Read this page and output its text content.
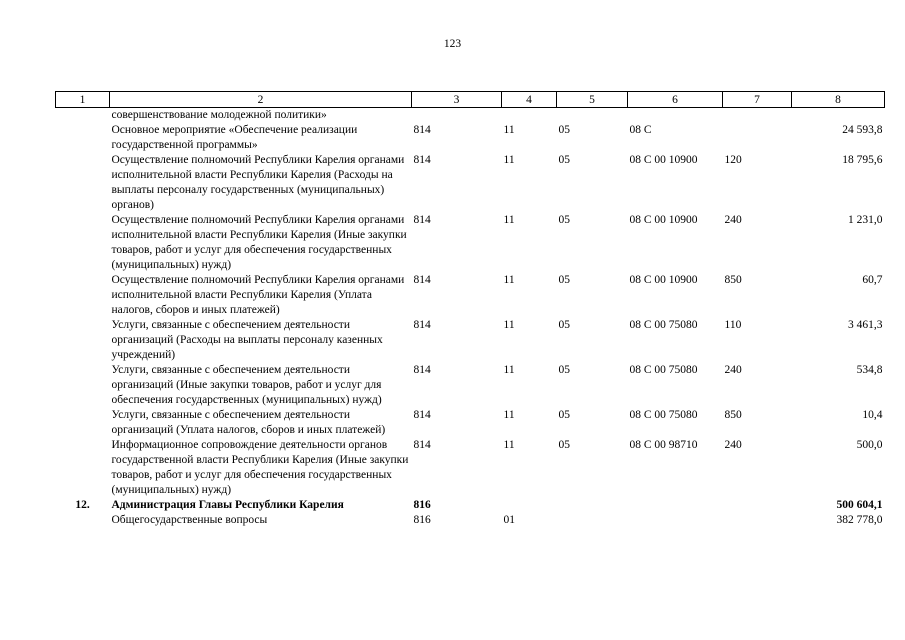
123
1	2	3	4	5	6	7	8
	совершенствование молодежной политики»						
	Основное мероприятие «Обеспечение реализации государственной программы»	814	11	05	08 С		24 593,8
	Осуществление полномочий Республики Карелия органами исполнительной власти Республики Карелия (Расходы на выплаты персоналу государственных (муниципальных) органов)	814	11	05	08 С 00 10900	120	18 795,6
	Осуществление полномочий Республики Карелия органами исполнительной власти Республики Карелия (Иные закупки товаров, работ и услуг для обеспечения государственных (муниципальных) нужд)	814	11	05	08 С 00 10900	240	1 231,0
	Осуществление полномочий Республики Карелия органами исполнительной власти Республики Карелия (Уплата налогов, сборов и иных платежей)	814	11	05	08 С 00 10900	850	60,7
	Услуги, связанные с обеспечением деятельности организаций (Расходы на выплаты персоналу казенных учреждений)	814	11	05	08 С 00 75080	110	3 461,3
	Услуги, связанные с обеспечением деятельности организаций (Иные закупки товаров, работ и услуг для обеспечения государственных (муниципальных) нужд)	814	11	05	08 С 00 75080	240	534,8
	Услуги, связанные с обеспечением деятельности организаций (Уплата налогов, сборов и иных платежей)	814	11	05	08 С 00 75080	850	10,4
	Информационное сопровождение деятельности органов государственной власти Республики Карелия (Иные закупки товаров, работ и услуг для обеспечения государственных (муниципальных) нужд)	814	11	05	08 С 00 98710	240	500,0
12.	Администрация Главы Республики Карелия	816					500 604,1
	Общегосударственные вопросы	816	01				382 778,0
